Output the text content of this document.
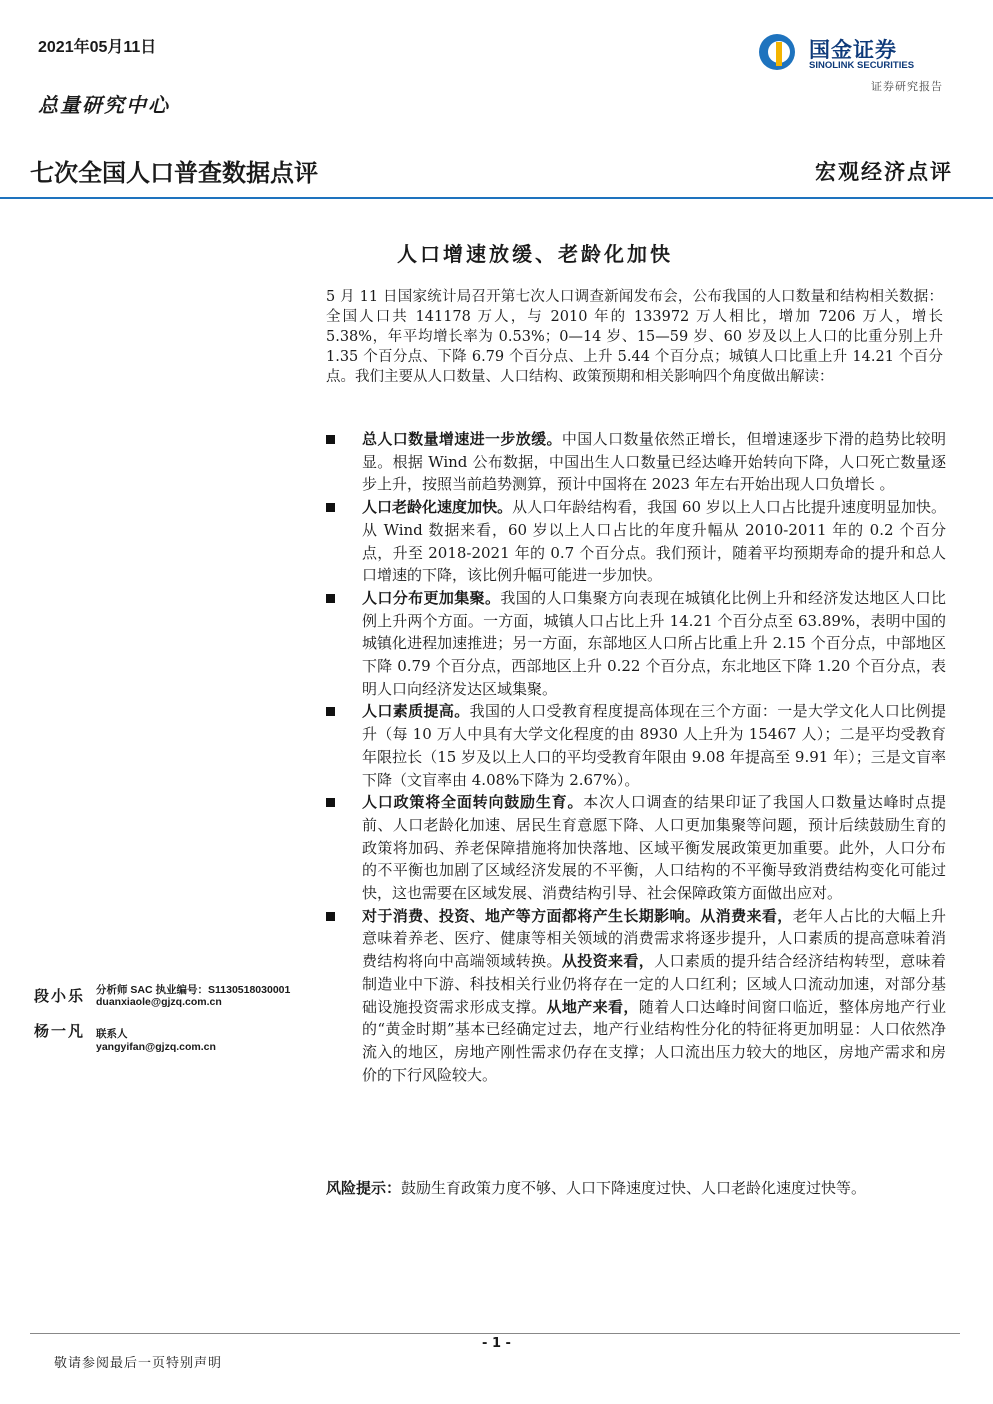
2021年05月11日
总量研究中心
国金证券
SINOLINK SECURITIES
证券研究报告
七次全国人口普查数据点评	宏观经济点评
人口增速放缓、老龄化加快
5 月 11 日国家统计局召开第七次人口调查新闻发布会，公布我国的人口数量和结构相关数据：全国人口共 141178 万人，与 2010 年的 133972 万人相比，增加 7206 万人，增长 5.38%，年平均增长率为 0.53%；0—14 岁、15—59 岁、60 岁及以上人口的比重分别上升 1.35 个百分点、下降 6.79 个百分点、上升 5.44 个百分点；城镇人口比重上升 14.21 个百分点。我们主要从人口数量、人口结构、政策预期和相关影响四个角度做出解读：
总人口数量增速进一步放缓。中国人口数量依然正增长，但增速逐步下滑的趋势比较明显。根据 Wind 公布数据，中国出生人口数量已经达峰开始转向下降，人口死亡数量逐步上升，按照当前趋势测算，预计中国将在 2023 年左右开始出现人口负增长 。
人口老龄化速度加快。从人口年龄结构看，我国 60 岁以上人口占比提升速度明显加快。从 Wind 数据来看，60 岁以上人口占比的年度升幅从 2010-2011 年的 0.2 个百分点，升至 2018-2021 年的 0.7 个百分点。我们预计，随着平均预期寿命的提升和总人口增速的下降，该比例升幅可能进一步加快。
人口分布更加集聚。我国的人口集聚方向表现在城镇化比例上升和经济发达地区人口比例上升两个方面。一方面，城镇人口占比上升 14.21 个百分点至 63.89%，表明中国的城镇化进程加速推进；另一方面，东部地区人口所占比重上升 2.15 个百分点，中部地区下降 0.79 个百分点，西部地区上升 0.22 个百分点，东北地区下降 1.20 个百分点，表明人口向经济发达区域集聚。
人口素质提高。我国的人口受教育程度提高体现在三个方面：一是大学文化人口比例提升（每 10 万人中具有大学文化程度的由 8930 人上升为 15467 人）；二是平均受教育年限拉长（15 岁及以上人口的平均受教育年限由 9.08 年提高至 9.91 年）；三是文盲率下降（文盲率由 4.08%下降为 2.67%）。
人口政策将全面转向鼓励生育。本次人口调查的结果印证了我国人口数量达峰时点提前、人口老龄化加速、居民生育意愿下降、人口更加集聚等问题，预计后续鼓励生育的政策将加码、养老保障措施将加快落地、区域平衡发展政策更加重要。此外，人口分布的不平衡也加剧了区域经济发展的不平衡，人口结构的不平衡导致消费结构变化可能过快，这也需要在区域发展、消费结构引导、社会保障政策方面做出应对。
对于消费、投资、地产等方面都将产生长期影响。从消费来看，老年人占比的大幅上升意味着养老、医疗、健康等相关领域的消费需求将逐步提升，人口素质的提高意味着消费结构将向中高端领域转换。从投资来看，人口素质的提升结合经济结构转型，意味着制造业中下游、科技相关行业仍将存在一定的人口红利；区域人口流动加速，对部分基础设施投资需求形成支撑。从地产来看，随着人口达峰时间窗口临近，整体房地产行业的“黄金时期”基本已经确定过去，地产行业结构性分化的特征将更加明显：人口依然净流入的地区，房地产刚性需求仍存在支撑；人口流出压力较大的地区，房地产需求和房价的下行风险较大。
风险提示：鼓励生育政策力度不够、人口下降速度过快、人口老龄化速度过快等。
段小乐 分析师 SAC 执业编号：S1130518030001
duanxiaole@gjzq.com.cn
杨一凡 联系人
yangyifan@gjzq.com.cn
- 1 -
敬请参阅最后一页特别声明
